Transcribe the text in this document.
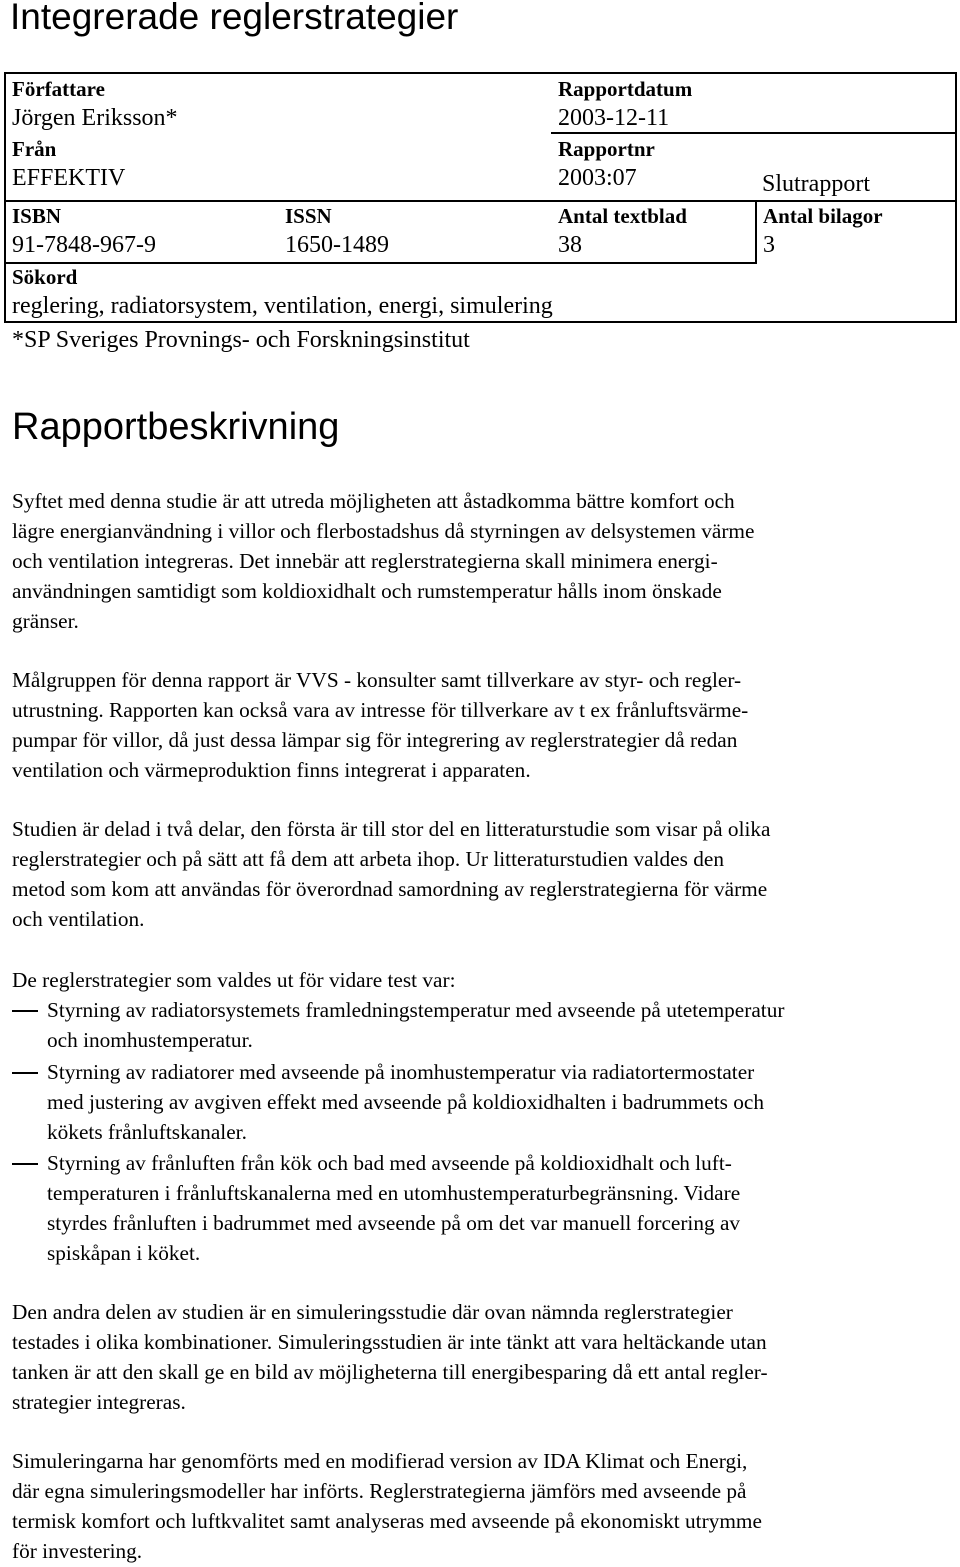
Integrerade reglerstrategier
Författare
Jörgen Eriksson*
Från
EFFEKTIV
Rapportdatum
2003-12-11
Rapportnr
2003:07	Slutrapport
ISBN
91-7848-967-9
ISSN
1650-1489
Antal textblad
38
Antal bilagor
3
Sökord
reglering, radiatorsystem, ventilation, energi, simulering
*SP Sveriges Provnings- och Forskningsinstitut
Rapportbeskrivning
Syftet med denna studie är att utreda möjligheten att åstadkomma bättre komfort och
lägre energianvändning i villor och flerbostadshus då styrningen av delsystemen värme
och ventilation integreras. Det innebär att reglerstrategierna skall minimera energi-
användningen samtidigt som koldioxidhalt och rumstemperatur hålls inom önskade
gränser.
Målgruppen för denna rapport är VVS - konsulter samt tillverkare av styr- och regler-
utrustning. Rapporten kan också vara av intresse för tillverkare av t ex frånluftsvärme-
pumpar för villor, då just dessa lämpar sig för integrering av reglerstrategier då redan
ventilation och värmeproduktion finns integrerat i apparaten.
Studien är delad i två delar, den första är till stor del en litteraturstudie som visar på olika
reglerstrategier och på sätt att få dem att arbeta ihop. Ur litteraturstudien valdes den
metod som kom att användas för överordnad samordning av reglerstrategierna för värme
och ventilation.
De reglerstrategier som valdes ut för vidare test var:
Styrning av radiatorsystemets framledningstemperatur med avseende på utetemperatur
och inomhustemperatur.
Styrning av radiatorer med avseende på inomhustemperatur via radiatortermostater
med justering av avgiven effekt med avseende på koldioxidhalten i badrummets och
kökets frånluftskanaler.
Styrning av frånluften från kök och bad med avseende på koldioxidhalt och luft-
temperaturen i frånluftskanalerna med en utomhustemperaturbegränsning. Vidare
styrdes frånluften i badrummet med avseende på om det var manuell forcering av
spiskåpan i köket.
Den andra delen av studien är en simuleringsstudie där ovan nämnda reglerstrategier
testades i olika kombinationer. Simuleringsstudien är inte tänkt att vara heltäckande utan
tanken är att den skall ge en bild av möjligheterna till energibesparing då ett antal regler-
strategier integreras.
Simuleringarna har genomförts med en modifierad version av IDA Klimat och Energi,
där egna simuleringsmodeller har införts. Reglerstrategierna jämförs med avseende på
termisk komfort och luftkvalitet samt analyseras med avseende på ekonomiskt utrymme
för investering.
